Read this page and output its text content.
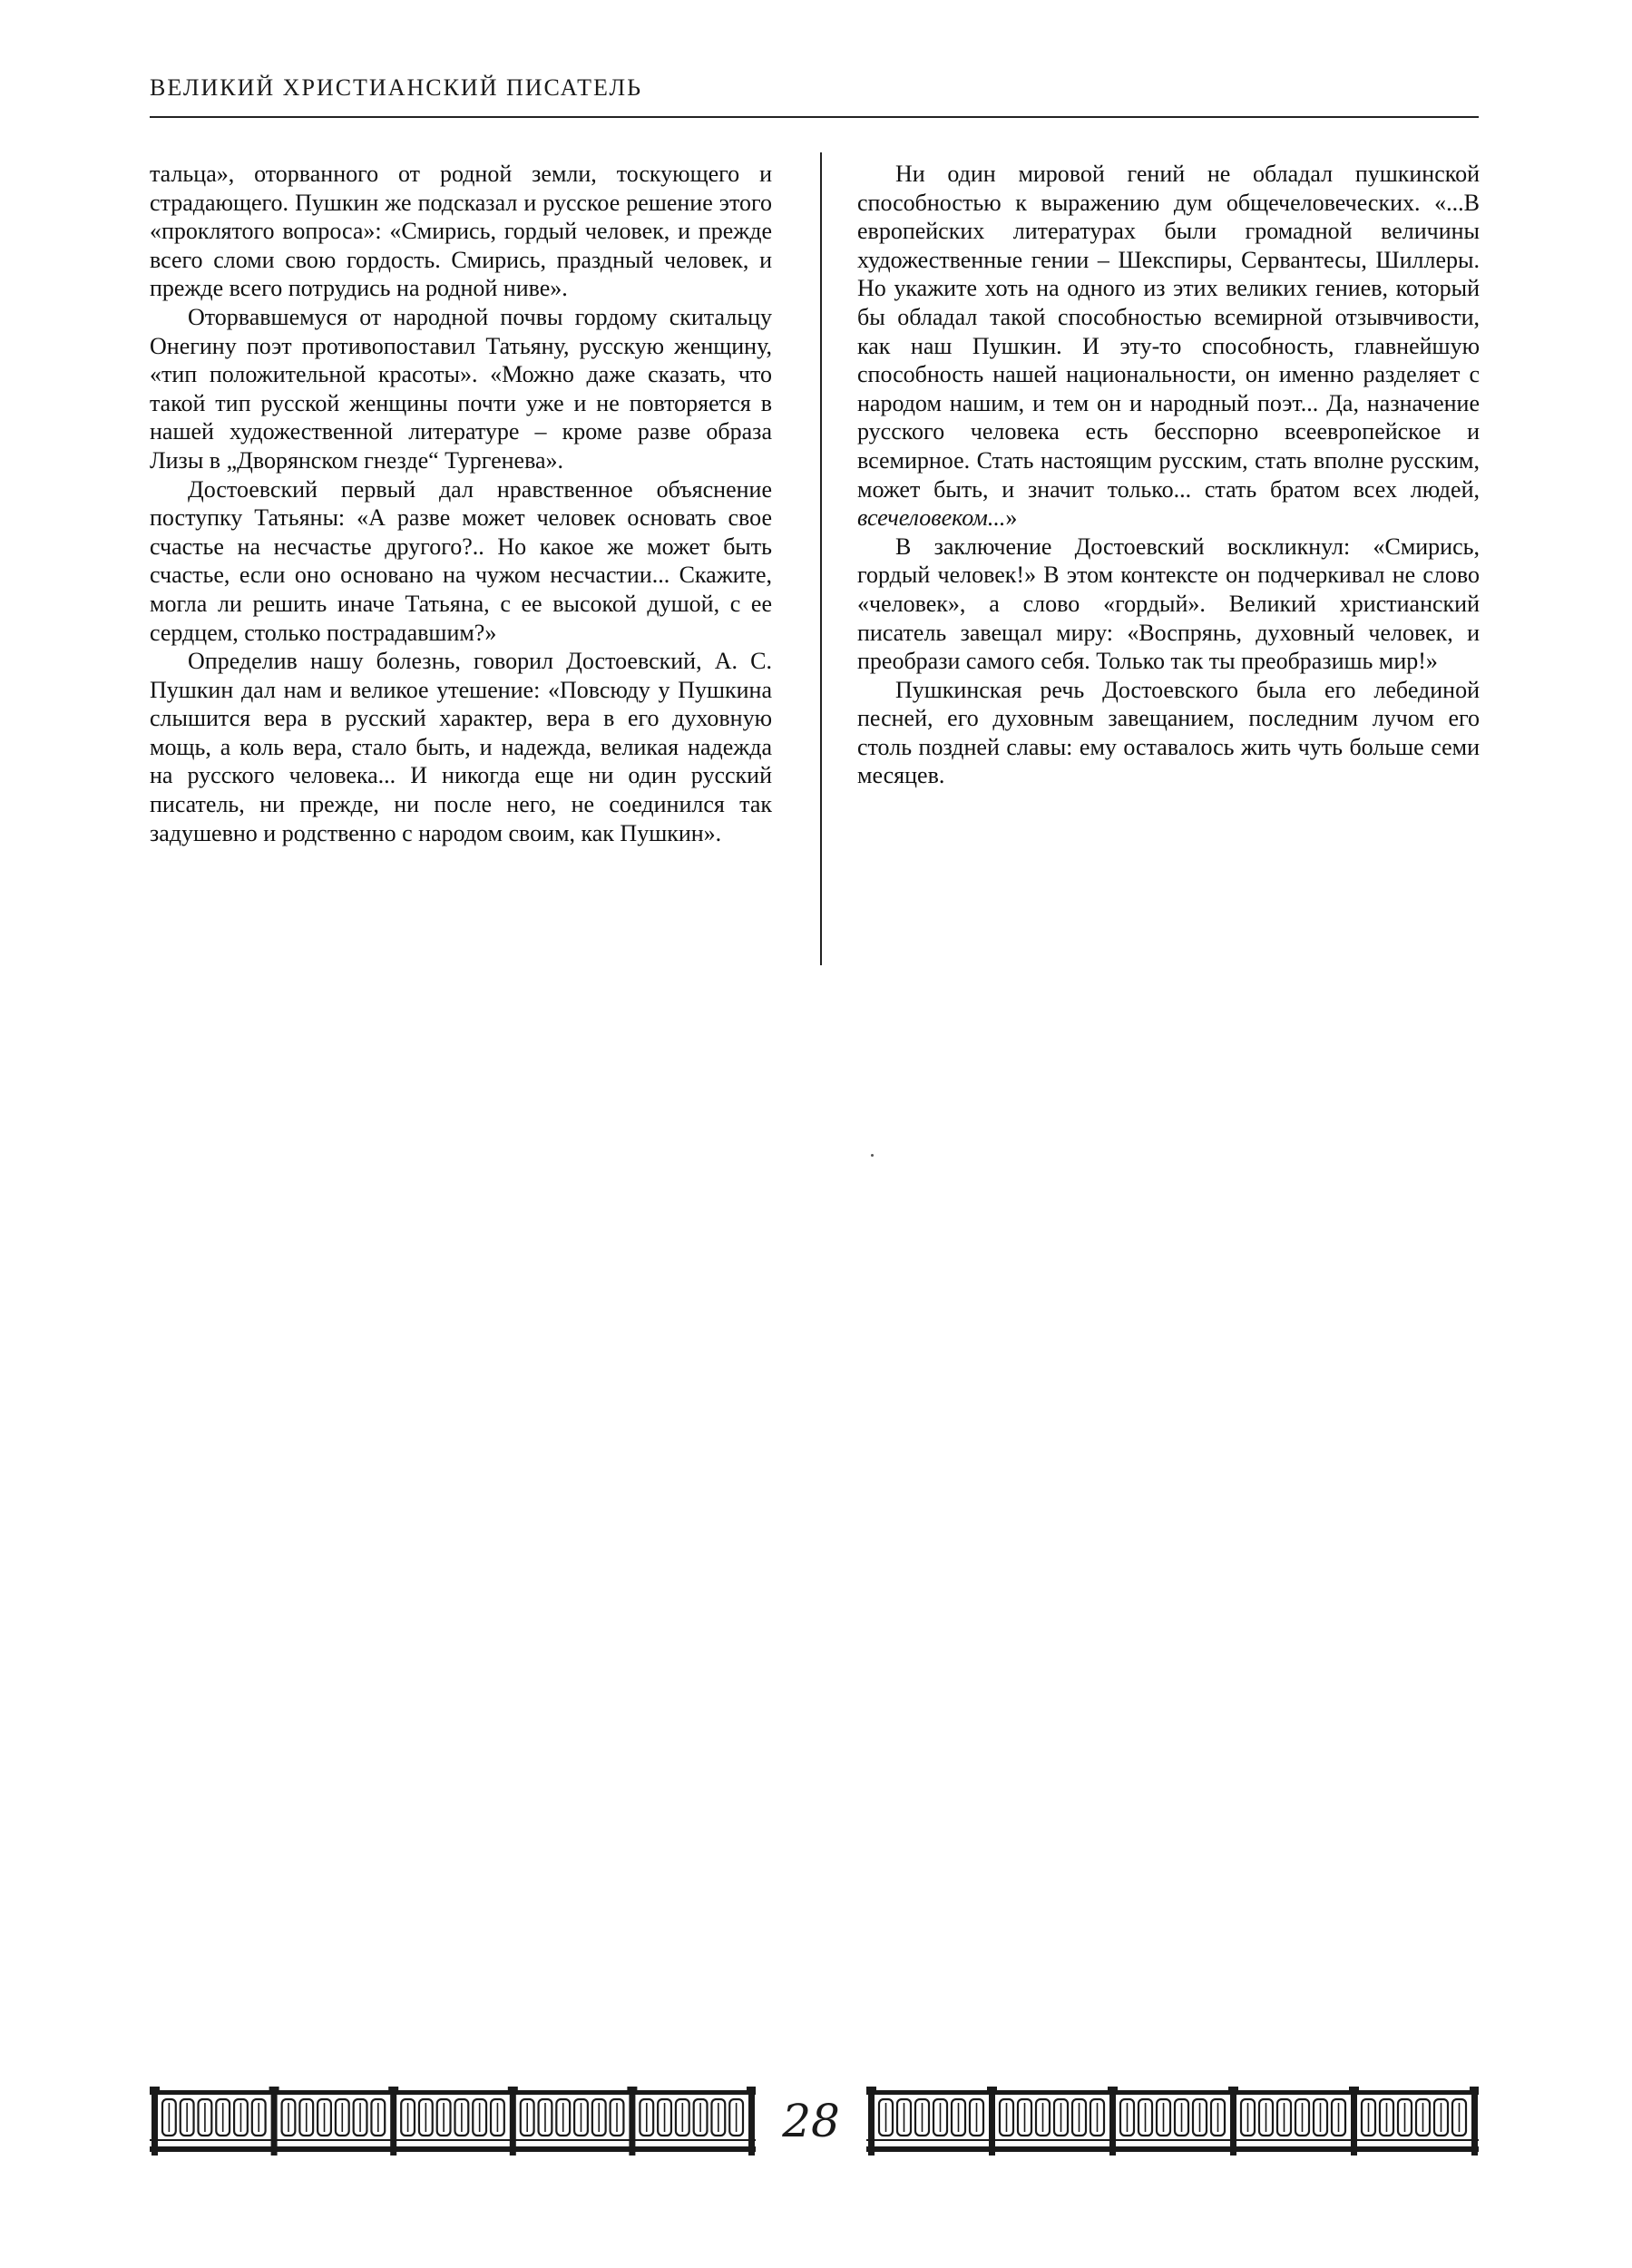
ВЕЛИКИЙ ХРИСТИАНСКИЙ ПИСАТЕЛЬ

тальца», оторванного от родной земли, тоскующего и страдающего. Пушкин же подсказал и русское решение этого «проклятого вопроса»: «Смирись, гордый человек, и прежде всего сломи свою гордость. Смирись, праздный человек, и прежде всего потрудись на родной ниве».

Оторвавшемуся от народной почвы гордому скитальцу Онегину поэт противопоставил Татьяну, русскую женщину, «тип положительной красоты». «Можно даже сказать, что такой тип русской женщины почти уже и не повторяется в нашей художественной литературе – кроме разве образа Лизы в „Дворянском гнезде“ Тургенева».

Достоевский первый дал нравственное объяснение поступку Татьяны: «А разве может человек основать свое счастье на несчастье другого?.. Но какое же может быть счастье, если оно основано на чужом несчастии... Скажите, могла ли решить иначе Татьяна, с ее высокой душой, с ее сердцем, столько пострадавшим?»

Определив нашу болезнь, говорил Достоевский, А. С. Пушкин дал нам и великое утешение: «Повсюду у Пушкина слышится вера в русский характер, вера в его духовную мощь, а коль вера, стало быть, и надежда, великая надежда на русского человека... И никогда еще ни один русский писатель, ни прежде, ни после него, не соединился так задушевно и родственно с народом своим, как Пушкин».

Ни один мировой гений не обладал пушкинской способностью к выражению дум общечеловеческих. «...В европейских литературах были громадной величины художественные гении – Шекспиры, Сервантесы, Шиллеры. Но укажите хоть на одного из этих великих гениев, который бы обладал такой способностью всемирной отзывчивости, как наш Пушкин. И эту-то способность, главнейшую способность нашей национальности, он именно разделяет с народом нашим, и тем он и народный поэт... Да, назначение русского человека есть бесспорно всеевропейское и всемирное. Стать настоящим русским, стать вполне русским, может быть, и значит только... стать братом всех людей, всечеловеком...»

В заключение Достоевский воскликнул: «Смирись, гордый человек!» В этом контексте он подчеркивал не слово «человек», а слово «гордый». Великий христианский писатель завещал миру: «Воспрянь, духовный человек, и преобрази самого себя. Только так ты преобразишь мир!»

Пушкинская речь Достоевского была его лебединой песней, его духовным завещанием, последним лучом его столь поздней славы: ему оставалось жить чуть больше семи месяцев.

28
